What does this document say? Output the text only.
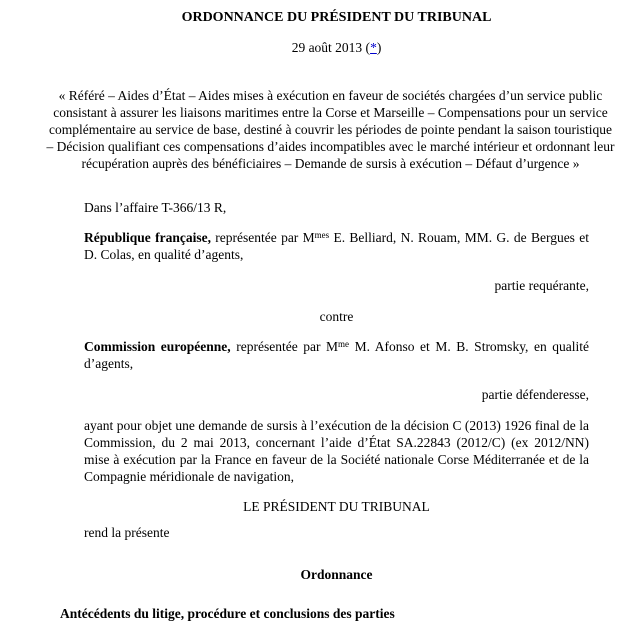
ORDONNANCE DU PRÉSIDENT DU TRIBUNAL
29 août 2013 (*)
« Référé – Aides d’État – Aides mises à exécution en faveur de sociétés chargées d’un service public consistant à assurer les liaisons maritimes entre la Corse et Marseille – Compensations pour un service complémentaire au service de base, destiné à couvrir les périodes de pointe pendant la saison touristique – Décision qualifiant ces compensations d’aides incompatibles avec le marché intérieur et ordonnant leur récupération auprès des bénéficiaires – Demande de sursis à exécution – Défaut d’urgence »
Dans l’affaire T-366/13 R,
République française, représentée par $M^{mes}$ E. Belliard, N. Rouam, MM. G. de Bergues et D. Colas, en qualité d’agents,
partie requérante,
contre
Commission européenne, représentée par $M^{me}$ M. Afonso et M. B. Stromsky, en qualité d’agents,
partie défenderesse,
ayant pour objet une demande de sursis à l’exécution de la décision C (2013) 1926 final de la Commission, du 2 mai 2013, concernant l’aide d’État SA.22843 (2012/C) (ex 2012/NN) mise à exécution par la France en faveur de la Société nationale Corse Méditerranée et de la Compagnie méridionale de navigation,
LE PRÉSIDENT DU TRIBUNAL
rend la présente
Ordonnance
Antécédents du litige, procédure et conclusions des parties
